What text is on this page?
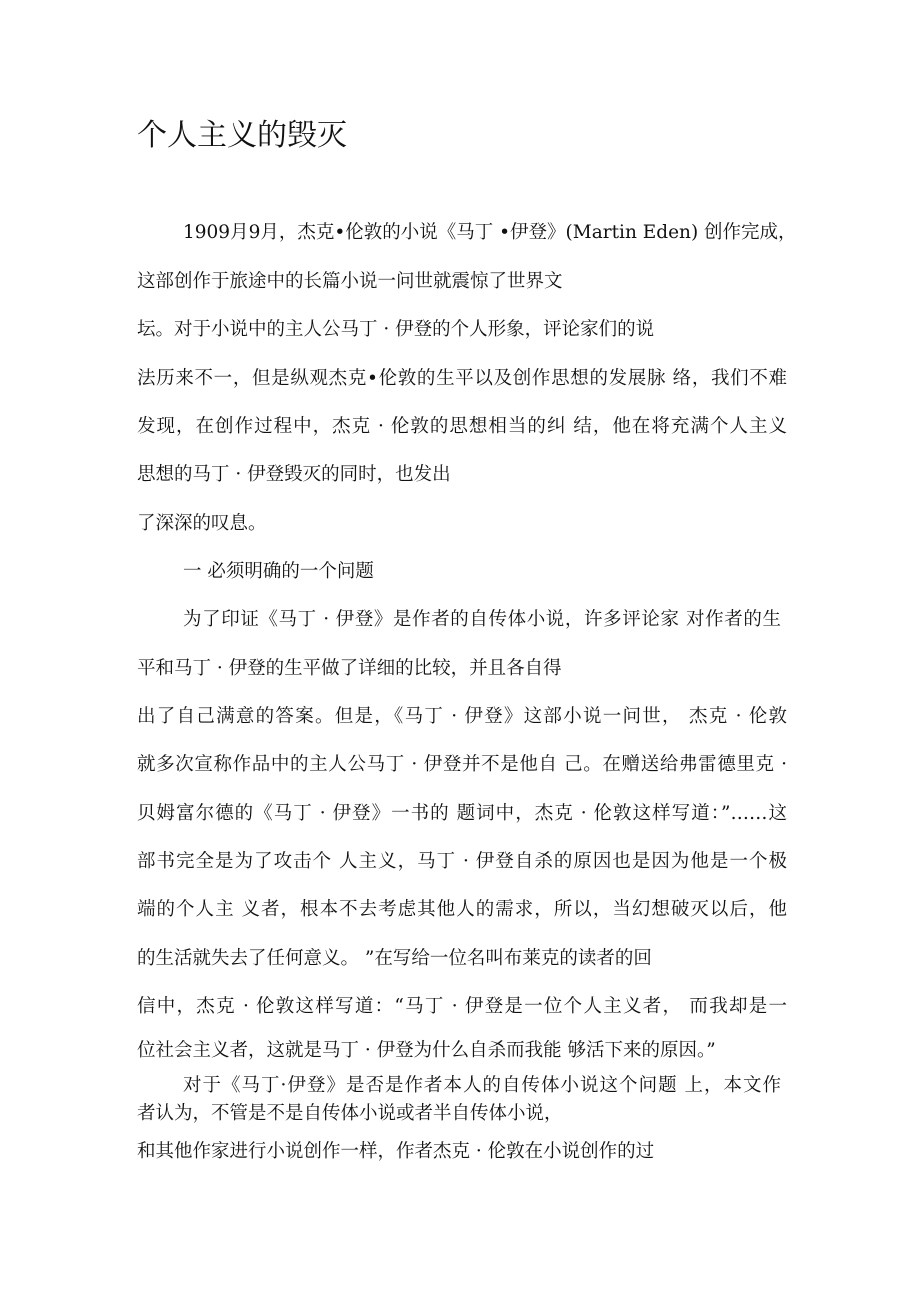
个人主义的毁灭
1909月9月，杰克•伦敦的小说《马丁 •伊登》(Martin Eden) 创作完成，
这部创作于旅途中的长篇小说一问世就震惊了世界文
坛。对于小说中的主人公马丁 · 伊登的个人形象，评论家们的说
法历来不一，但是纵观杰克•伦敦的生平以及创作思想的发展脉 络，我们不难
发现，在创作过程中，杰克 · 伦敦的思想相当的纠 结，他在将充满个人主义
思想的马丁 · 伊登毁灭的同时，也发出
了深深的叹息。
一 必须明确的一个问题
为了印证《马丁 · 伊登》是作者的自传体小说，许多评论家 对作者的生
平和马丁 · 伊登的生平做了详细的比较，并且各自得
出了自己满意的答案。但是，《马丁 · 伊登》这部小说一问世， 杰克 · 伦敦
就多次宣称作品中的主人公马丁 · 伊登并不是他自 己。在赠送给弗雷德里克 ·
贝姆富尔德的《马丁 · 伊登》一书的 题词中，杰克 · 伦敦这样写道：”……这
部书完全是为了攻击个 人主义，马丁 · 伊登自杀的原因也是因为他是一个极
端的个人主 义者，根本不去考虑其他人的需求，所以，当幻想破灭以后，他
的生活就失去了任何意义。 ”在写给一位名叫布莱克的读者的回
信中，杰克 · 伦敦这样写道：“马丁 · 伊登是一位个人主义者， 而我却是一
位社会主义者，这就是马丁 · 伊登为什么自杀而我能 够活下来的原因。”
对于《马丁·伊登》是否是作者本人的自传体小说这个问题 上，本文作
者认为，不管是不是自传体小说或者半自传体小说，
和其他作家进行小说创作一样，作者杰克 · 伦敦在小说创作的过
